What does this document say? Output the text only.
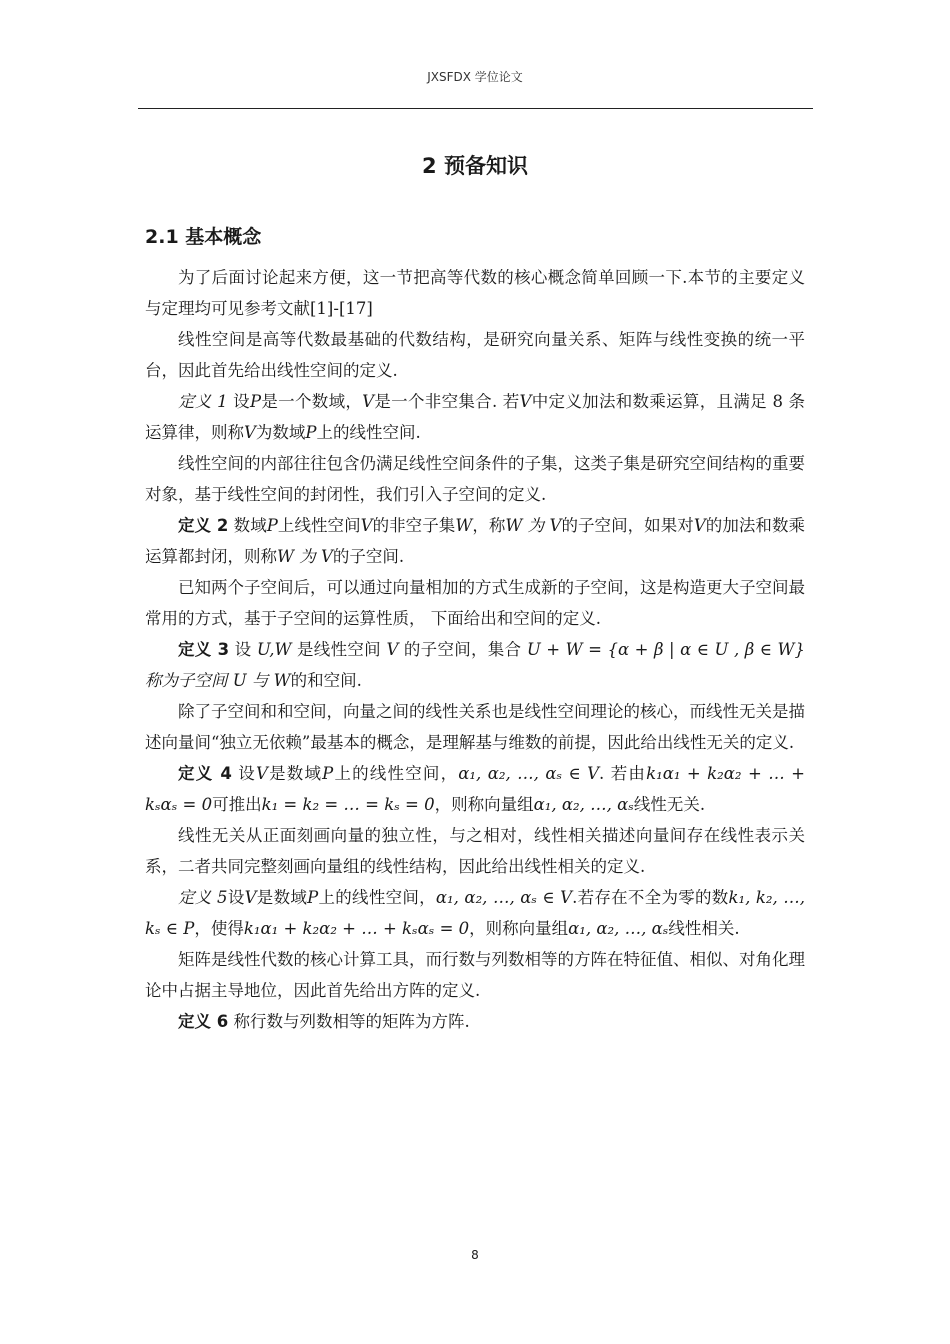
JXSFDX 学位论文
2 预备知识
2.1 基本概念

为了后面讨论起来方便，这一节把高等代数的核心概念简单回顾一下.本节的主要定义与定理均可见参考文献[1]-[17]

线性空间是高等代数最基础的代数结构，是研究向量关系、矩阵与线性变换的统一平台，因此首先给出线性空间的定义.

定义 1 设P是一个数域，V是一个非空集合. 若V中定义加法和数乘运算，且满足 8 条运算律，则称V为数域P上的线性空间.

线性空间的内部往往包含仍满足线性空间条件的子集，这类子集是研究空间结构的重要对象，基于线性空间的封闭性，我们引入子空间的定义.

定义 2 数域P上线性空间V的非空子集W，称W 为 V的子空间，如果对V的加法和数乘运算都封闭，则称W 为 V的子空间.

已知两个子空间后，可以通过向量相加的方式生成新的子空间，这是构造更大子空间最常用的方式，基于子空间的运算性质， 下面给出和空间的定义.

定义 3 设 U,W 是线性空间 V 的子空间，集合 U + W = {α + β | α ∈ U , β ∈ W} 称为子空间 U 与 W的和空间.

除了子空间和和空间，向量之间的线性关系也是线性空间理论的核心，而线性无关是描述向量间“独立无依赖”最基本的概念，是理解基与维数的前提，因此给出线性无关的定义.

定义 4 设V是数域P上的线性空间，α₁, α₂, …, αₛ ∈ V. 若由k₁α₁ + k₂α₂ + … + kₛαₛ = 0可推出k₁ = k₂ = … = kₛ = 0，则称向量组α₁, α₂, …, αₛ线性无关.

线性无关从正面刻画向量的独立性，与之相对，线性相关描述向量间存在线性表示关系，二者共同完整刻画向量组的线性结构，因此给出线性相关的定义.

定义 5设V是数域P上的线性空间，α₁, α₂, …, αₛ ∈ V.若存在不全为零的数k₁, k₂, …, kₛ ∈ P，使得k₁α₁ + k₂α₂ + … + kₛαₛ = 0，则称向量组α₁, α₂, …, αₛ线性相关.

矩阵是线性代数的核心计算工具，而行数与列数相等的方阵在特征值、相似、对角化理论中占据主导地位，因此首先给出方阵的定义.

定义 6 称行数与列数相等的矩阵为方阵.

8
